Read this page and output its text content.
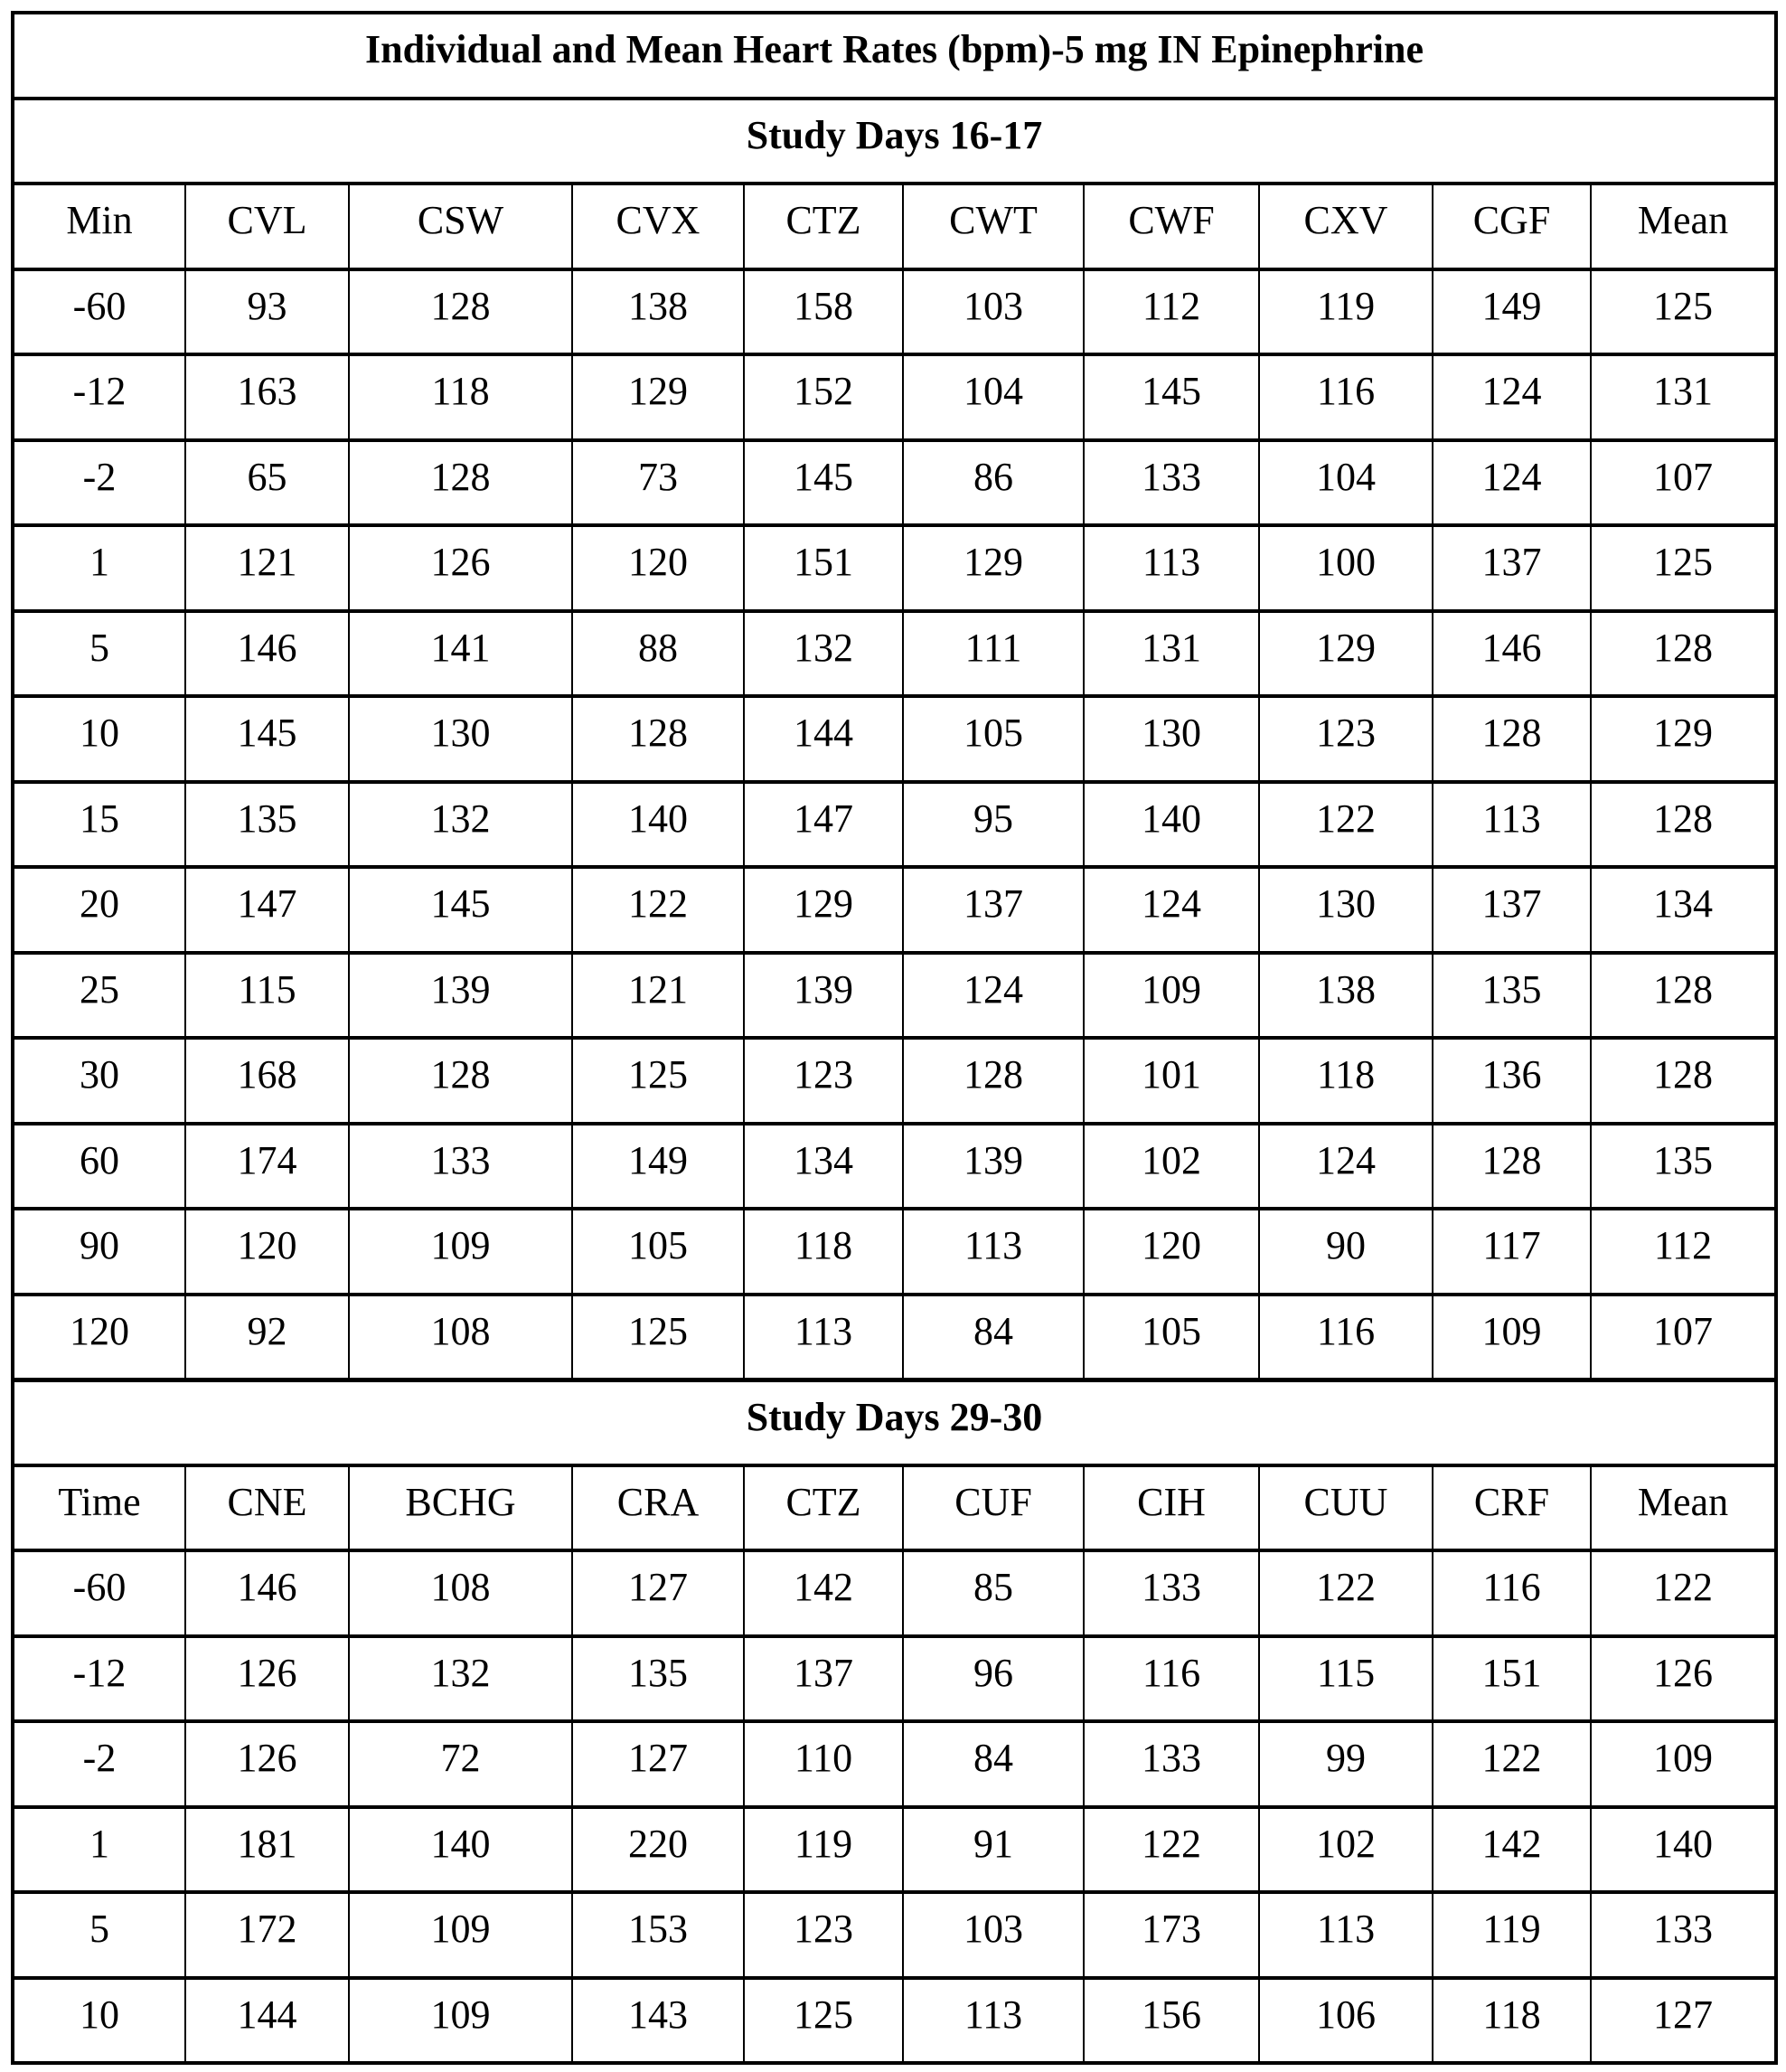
Individual and Mean Heart Rates (bpm)-5 mg IN Epinephrine									
Study Days 16-17									
Min	CVL	CSW	CVX	CTZ	CWT	CWF	CXV	CGF	Mean
-60	93	128	138	158	103	112	119	149	125
-12	163	118	129	152	104	145	116	124	131
-2	65	128	73	145	86	133	104	124	107
1	121	126	120	151	129	113	100	137	125
5	146	141	88	132	111	131	129	146	128
10	145	130	128	144	105	130	123	128	129
15	135	132	140	147	95	140	122	113	128
20	147	145	122	129	137	124	130	137	134
25	115	139	121	139	124	109	138	135	128
30	168	128	125	123	128	101	118	136	128
60	174	133	149	134	139	102	124	128	135
90	120	109	105	118	113	120	90	117	112
120	92	108	125	113	84	105	116	109	107
Study Days 29-30									
Time	CNE	BCHG	CRA	CTZ	CUF	CIH	CUU	CRF	Mean
-60	146	108	127	142	85	133	122	116	122
-12	126	132	135	137	96	116	115	151	126
-2	126	72	127	110	84	133	99	122	109
1	181	140	220	119	91	122	102	142	140
5	172	109	153	123	103	173	113	119	133
10	144	109	143	125	113	156	106	118	127
